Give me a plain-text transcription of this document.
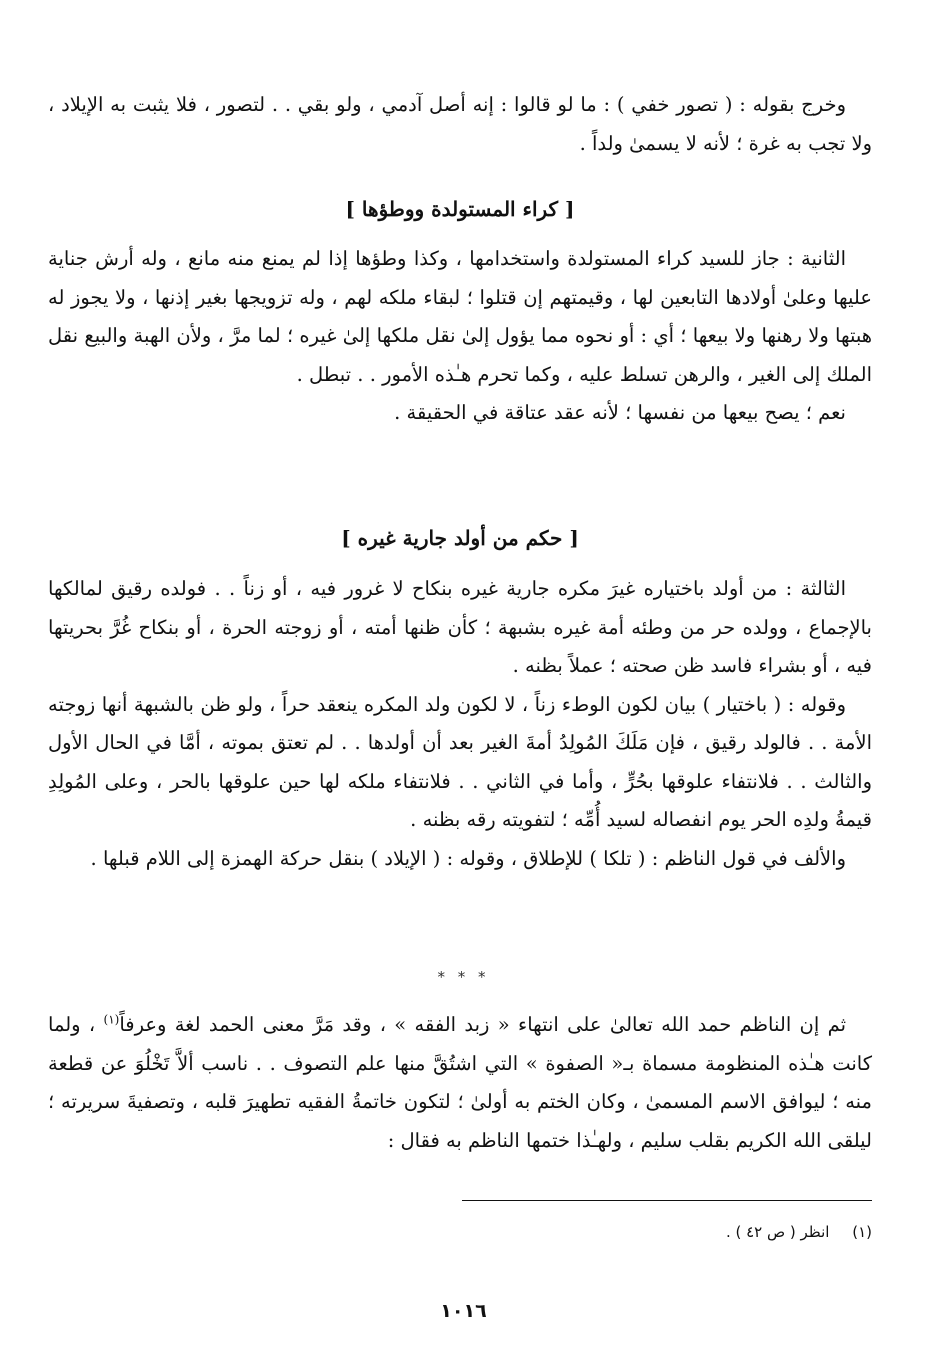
وخرج بقوله : ( تصور خفي ) : ما لو قالوا : إنه أصل آدمي ، ولو بقي . . لتصور ، فلا يثبت به الإيلاد ، ولا تجب به غرة ؛ لأنه لا يسمىٰ ولداً .

[ كراء المستولدة ووطؤها ]

الثانية : جاز للسيد كراء المستولدة واستخدامها ، وكذا وطؤها إذا لم يمنع منه مانع ، وله أرش جناية عليها وعلىٰ أولادها التابعين لها ، وقيمتهم إن قتلوا ؛ لبقاء ملكه لهم ، وله تزويجها بغير إذنها ، ولا يجوز له هبتها ولا رهنها ولا بيعها ؛ أي : أو نحوه مما يؤول إلىٰ نقل ملكها إلىٰ غيره ؛ لما مرَّ ، ولأن الهبة والبيع نقل الملك إلى الغير ، والرهن تسلط عليه ، وكما تحرم هـٰذه الأمور . . تبطل .

نعم ؛ يصح بيعها من نفسها ؛ لأنه عقد عتاقة في الحقيقة .

[ حكم من أولد جارية غيره ]

الثالثة : من أولد باختياره غيرَ مكره جارية غيره بنكاح لا غرور فيه ، أو زناً . . فولده رقيق لمالكها بالإجماع ، وولده حر من وطئه أمة غيره بشبهة ؛ كأن ظنها أمته ، أو زوجته الحرة ، أو بنكاح غُرَّ بحريتها فيه ، أو بشراء فاسد ظن صحته ؛ عملاً بظنه .

وقوله : ( باختيار ) بيان لكون الوطء زناً ، لا لكون ولد المكره ينعقد حراً ، ولو ظن بالشبهة أنها زوجته الأمة . . فالولد رقيق ، فإن مَلَكَ المُولِدُ أمةَ الغير بعد أن أولدها . . لم تعتق بموته ، أمَّا في الحال الأول والثالث . . فلانتفاء علوقها بحُرٍّ ، وأما في الثاني . . فلانتفاء ملكه لها حين علوقها بالحر ، وعلى المُولِدِ قيمةُ ولدِه الحر يوم انفصاله لسيد أُمِّه ؛ لتفويته رقه بظنه .

والألف في قول الناظم : ( تلكا ) للإطلاق ، وقوله : ( الإيلاد ) بنقل حركة الهمزة إلى اللام قبلها .

* * *

ثم إن الناظم حمد الله تعالىٰ على انتهاء « زبد الفقه » ، وقد مَرَّ معنى الحمد لغة وعرفاً$^{(١)}$ ، ولما كانت هـٰذه المنظومة مسماة بـ« الصفوة » التي اشتُقَّ منها علم التصوف . . ناسب ألاَّ تَخْلُوَ عن قطعة منه ؛ ليوافق الاسم المسمىٰ ، وكان الختم به أولىٰ ؛ لتكون خاتمةُ الفقيه تطهيرَ قلبه ، وتصفيةَ سريرته ؛ ليلقى الله الكريم بقلب سليم ، ولهـٰذا ختمها الناظم به فقال :

(١) انظر ( ص ٤٢ ) .
١٠١٦
